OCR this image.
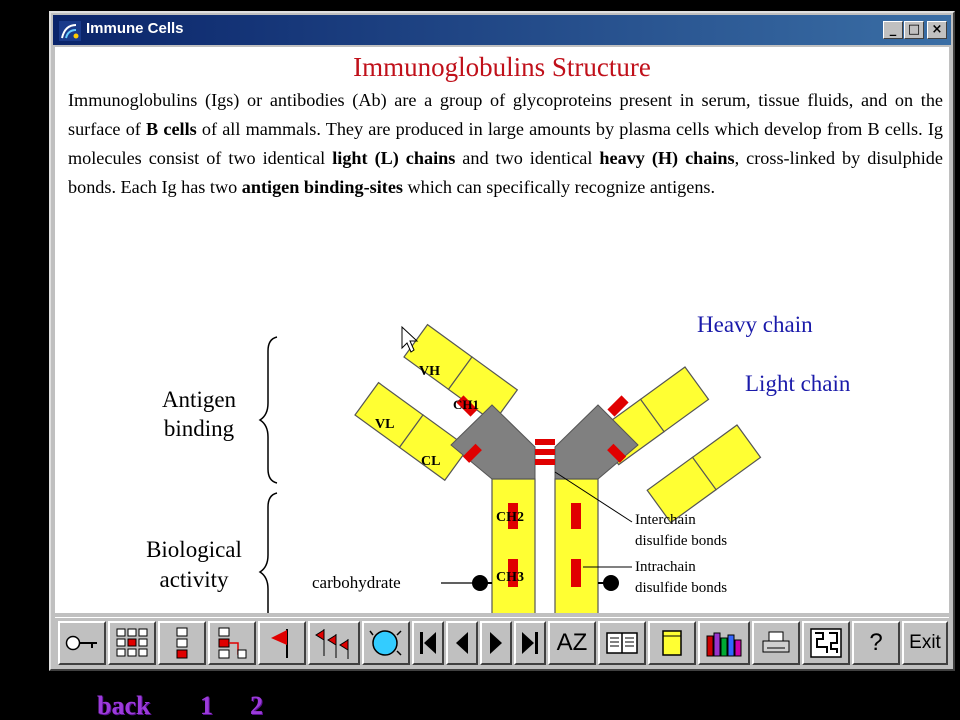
Immune Cells	_ □ ×
Immunoglobulins Structure

Immunoglobulins (Igs) or antibodies (Ab) are a group of glycoproteins present in serum, tissue fluids, and on the surface of B cells of all mammals. They are produced in large amounts by plasma cells which develop from B cells. Ig molecules consist of two identical light (L) chains and two identical heavy (H) chains, cross-linked by disulphide bonds. Each Ig has two antigen binding-sites which can specifically recognize antigens.

Antigen
binding
Biological
activity
VH
CH1
VL
CL
CH2
CH3
Heavy chain
Light chain
carbohydrate
Interchain
disulfide bonds
Intrachain
disulfide bonds
AZ	? Exit
back 1 2
